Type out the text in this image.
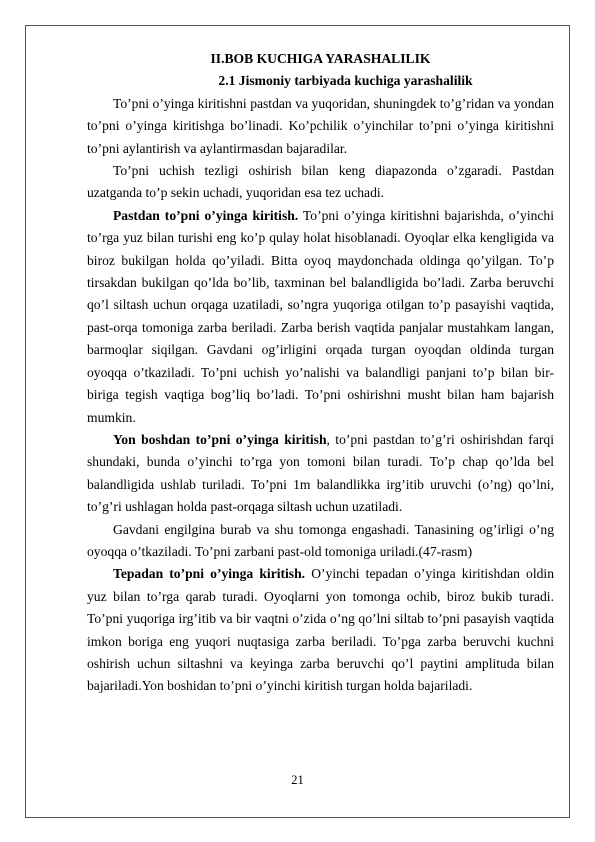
II.BOB KUCHIGA YARASHALILIK

2.1 Jismoniy tarbiyada kuchiga yarashalilik

To’pni o’yinga kiritishni pastdan va yuqoridan, shuningdek to’g’ridan va yondan to’pni o’yinga kiritishga bo’linadi. Ko’pchilik o’yinchilar to’pni o’yinga kiritishni to’pni aylantirish va aylantirmasdan bajaradilar.

To’pni uchish tezligi oshirish bilan keng diapazonda o’zgaradi. Pastdan uzatganda to’p sekin uchadi, yuqoridan esa tez uchadi.

Pastdan to’pni o’yinga kiritish. To’pni o’yinga kiritishni bajarishda, o’yinchi to’rga yuz bilan turishi eng ko’p qulay holat hisoblanadi. Oyoqlar elka kengligida va biroz bukilgan holda qo’yiladi. Bitta oyoq maydonchada oldinga qo’yilgan. To’p tirsakdan bukilgan qo’lda bo’lib, taxminan bel balandligida bo’ladi. Zarba beruvchi qo’l siltash uchun orqaga uzatiladi, so’ngra yuqoriga otilgan to’p pasayishi vaqtida, past-orqa tomoniga zarba beriladi. Zarba berish vaqtida panjalar mustahkam langan, barmoqlar siqilgan. Gavdani og’irligini orqada turgan oyoqdan oldinda turgan oyoqqa o’tkaziladi. To’pni uchish yo’nalishi va balandligi panjani to’p bilan bir-biriga tegish vaqtiga bog’liq bo’ladi. To’pni oshirishni musht bilan ham bajarish mumkin.

Yon boshdan to’pni o’yinga kiritish, to’pni pastdan to’g’ri oshirishdan farqi shundaki, bunda o’yinchi to’rga yon tomoni bilan turadi. To’p chap qo’lda bel balandligida ushlab turiladi. To’pni 1m balandlikka irg’itib uruvchi (o’ng) qo’lni, to’g’ri ushlagan holda past-orqaga siltash uchun uzatiladi.

Gavdani engilgina burab va shu tomonga engashadi. Tanasining og’irligi o’ng oyoqqa o’tkaziladi. To’pni zarbani past-old tomoniga uriladi.(47-rasm)

Tepadan to’pni o’yinga kiritish. O’yinchi tepadan o’yinga kiritishdan oldin yuz bilan to’rga qarab turadi. Oyoqlarni yon tomonga ochib, biroz bukib turadi. To’pni yuqoriga irg’itib va bir vaqtni o’zida o’ng qo’lni siltab to’pni pasayish vaqtida imkon boriga eng yuqori nuqtasiga zarba beriladi. To’pga zarba beruvchi kuchni oshirish uchun siltashni va keyinga zarba beruvchi qo’l paytini amplituda bilan bajariladi.Yon boshidan to’pni o’yinchi kiritish turgan holda bajariladi.

21
